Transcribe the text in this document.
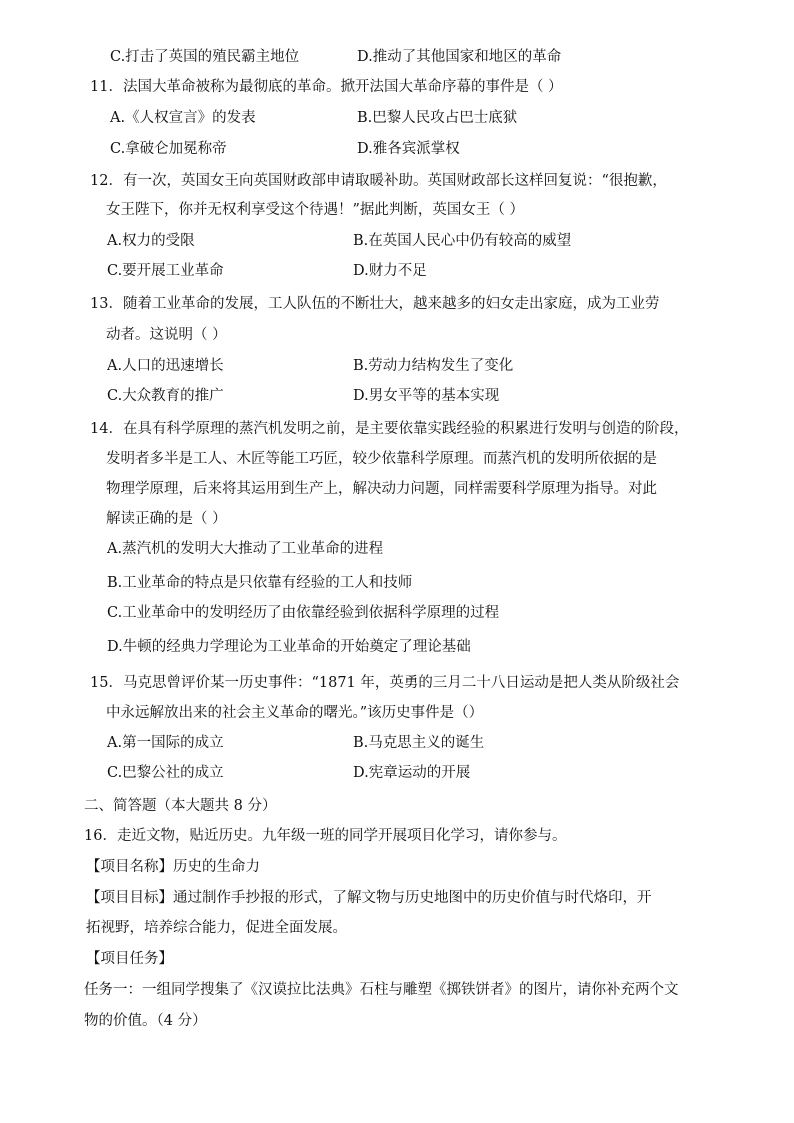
C.打击了英国的殖民霸主地位	D.推动了其他国家和地区的革命
11．法国大革命被称为最彻底的革命。掀开法国大革命序幕的事件是（ ）
A.《人权宣言》的发表	B.巴黎人民攻占巴士底狱
C.拿破仑加冕称帝	D.雅各宾派掌权
12．有一次，英国女王向英国财政部申请取暖补助。英国财政部长这样回复说：“很抱歉，
女王陛下，你并无权利享受这个待遇！”据此判断，英国女王（ ）
A.权力的受限	B.在英国人民心中仍有较高的威望
C.要开展工业革命	D.财力不足
13．随着工业革命的发展，工人队伍的不断壮大，越来越多的妇女走出家庭，成为工业劳
动者。这说明（ ）
A.人口的迅速增长	B.劳动力结构发生了变化
C.大众教育的推广	D.男女平等的基本实现
14．在具有科学原理的蒸汽机发明之前，是主要依靠实践经验的积累进行发明与创造的阶段，
发明者多半是工人、木匠等能工巧匠，较少依靠科学原理。而蒸汽机的发明所依据的是
物理学原理，后来将其运用到生产上，解决动力问题，同样需要科学原理为指导。对此
解读正确的是（ ）
A.蒸汽机的发明大大推动了工业革命的进程
B.工业革命的特点是只依靠有经验的工人和技师
C.工业革命中的发明经历了由依靠经验到依据科学原理的过程
D.牛顿的经典力学理论为工业革命的开始奠定了理论基础
15．马克思曾评价某一历史事件：“1871 年，英勇的三月二十八日运动是把人类从阶级社会
中永远解放出来的社会主义革命的曙光。”该历史事件是（）
A.第一国际的成立	B.马克思主义的诞生
C.巴黎公社的成立	D.宪章运动的开展
二、简答题（本大题共 8 分）
16．走近文物，贴近历史。九年级一班的同学开展项目化学习，请你参与。
【项目名称】历史的生命力
【项目目标】通过制作手抄报的形式，了解文物与历史地图中的历史价值与时代烙印，开
拓视野，培养综合能力，促进全面发展。
【项目任务】
任务一：一组同学搜集了《汉谟拉比法典》石柱与雕塑《掷铁饼者》的图片，请你补充两个文
物的价值。（4 分）
